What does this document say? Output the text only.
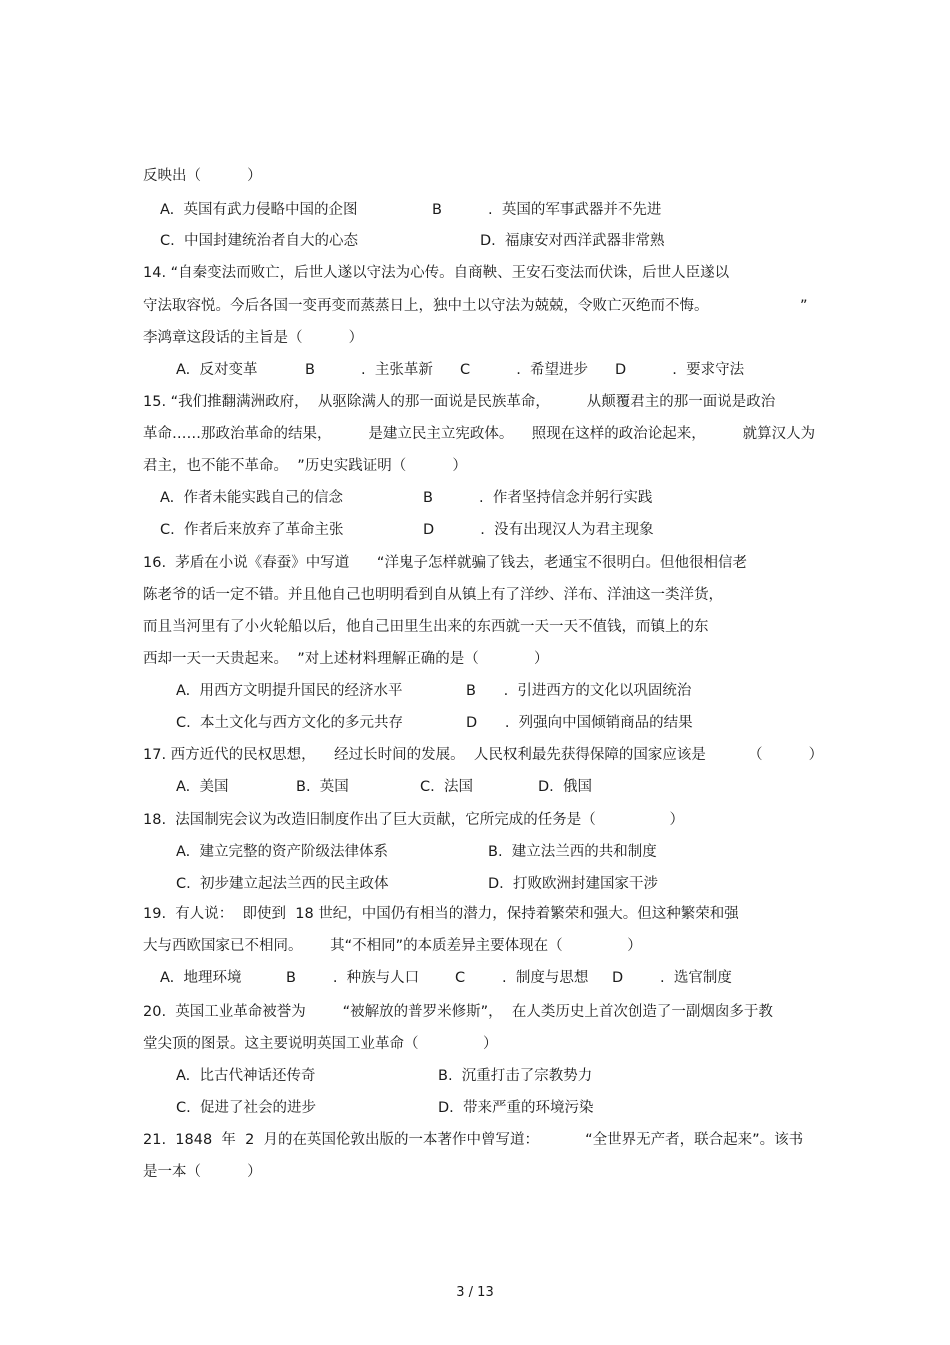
反映出（          ）
A.  英国有武力侵略中国的企图	B          .  英国的军事武器并不先进
C.  中国封建统治者自大的心态	D.  福康安对西洋武器非常熟
14. “自秦变法而败亡，后世人遂以守法为心传。自商鞅、王安石变法而伏诛，后世人臣遂以
守法取容悦。今后各国一变再变而蒸蒸日上，独中土以守法为兢兢，令败亡灭绝而不悔。	”
李鸿章这段话的主旨是（          ）
A.  反对变革	B          .  主张革新 C          .  希望进步 D          .  要求守法
15. “我们推翻满洲政府，  从驱除满人的那一面说是民族革命，        从颠覆君主的那一面说是政治
革命……那政治革命的结果，        是建立民主立宪政体。    照现在这样的政治论起来，        就算汉人为
君主，也不能不革命。  ”历史实践证明（          ）
A.  作者未能实践自己的信念	B          .  作者坚持信念并躬行实践
C.  作者后来放弃了革命主张	D          .  没有出现汉人为君主现象
16.  茅盾在小说《春蚕》中写道      “洋鬼子怎样就骗了钱去，老通宝不很明白。但他很相信老
陈老爷的话一定不错。并且他自己也明明看到自从镇上有了洋纱、洋布、洋油这一类洋货，
而且当河里有了小火轮船以后，他自己田里生出来的东西就一天一天不值钱，而镇上的东
西却一天一天贵起来。  ”对上述材料理解正确的是（            ）
A.  用西方文明提升国民的经济水平	B      .  引进西方的文化以巩固统治
C.  本土文化与西方文化的多元共存	D      .  列强向中国倾销商品的结果
17. 西方近代的民权思想，    经过长时间的发展。  人民权利最先获得保障的国家应该是	（          ）
A.  美国	B.  英国	C.  法国	D.  俄国
18.  法国制宪会议为改造旧制度作出了巨大贡献，它所完成的任务是（                ）
A.  建立完整的资产阶级法律体系	B.  建立法兰西的共和制度
C.  初步建立起法兰西的民主政体	D.  打败欧洲封建国家干涉
19.  有人说：  即使到  18 世纪，中国仍有相当的潜力，保持着繁荣和强大。但这种繁荣和强
大与西欧国家已不相同。      其“不相同”的本质差异主要体现在（              ）
A.  地理环境	B        .  种族与人口 C        .  制度与思想 D        .  选官制度
20.  英国工业革命被誉为        “被解放的普罗米修斯”，  在人类历史上首次创造了一副烟囱多于教
堂尖顶的图景。这主要说明英国工业革命（              ）
A.  比古代神话还传奇	B.  沉重打击了宗教势力
C.  促进了社会的进步	D.  带来严重的环境污染
21.  1848  年  2  月的在英国伦敦出版的一本著作中曾写道：          “全世界无产者，联合起来”。该书
是一本（          ）
3 / 13
